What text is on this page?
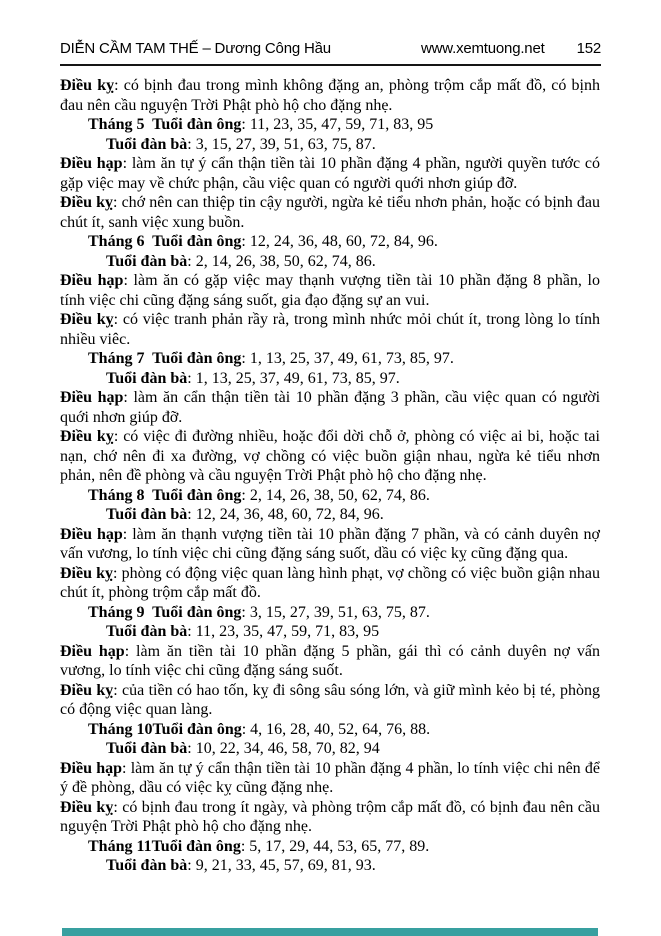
DIỄN CẦM TAM THẾ – Dương Công Hầu	www.xemtuong.net 152

Điều kỵ: có bịnh đau trong mình không đặng an, phòng trộm cắp mất đồ, có bịnh đau nên cầu nguyện Trời Phật phò hộ cho đặng nhẹ.

Tháng 5  Tuổi đàn ông: 11, 23, 35, 47, 59, 71, 83, 95

Tuổi đàn bà: 3, 15, 27, 39, 51, 63, 75, 87.

Điều hạp: làm ăn tự ý cẩn thận tiền tài 10 phần đặng 4 phần, người quyền tước có gặp việc may về chức phận, cầu việc quan có người quới nhơn giúp đỡ.

Điều kỵ: chớ nên can thiệp tin cậy người, ngừa kẻ tiểu nhơn phản, hoặc có bịnh đau chút ít, sanh việc xung buồn.

Tháng 6  Tuổi đàn ông: 12, 24, 36, 48, 60, 72, 84, 96.

Tuổi đàn bà: 2, 14, 26, 38, 50, 62, 74, 86.

Điều hạp: làm ăn có gặp việc may thạnh vượng tiền tài 10 phần đặng 8 phần, lo tính việc chi cũng đặng sáng suốt, gia đạo đặng sự an vui.

Điều kỵ: có việc tranh phản rầy rà, trong mình nhức mỏi chút ít, trong lòng lo tính nhiều viêc.

Tháng 7  Tuổi đàn ông: 1, 13, 25, 37, 49, 61, 73, 85, 97.

Tuổi đàn bà: 1, 13, 25, 37, 49, 61, 73, 85, 97.

Điều hạp: làm ăn cẩn thận tiền tài 10 phần đặng 3 phần, cầu việc quan có người quới nhơn giúp đỡ.

Điều kỵ: có việc đi đường nhiều, hoặc đổi dời chỗ ở, phòng có việc ai bi, hoặc tai nạn, chớ nên đi xa đường, vợ chồng có việc buồn giận nhau, ngừa kẻ tiểu nhơn phản, nên đề phòng và cầu nguyện Trời Phật phò hộ cho đặng nhẹ.

Tháng 8  Tuổi đàn ông: 2, 14, 26, 38, 50, 62, 74, 86.

Tuổi đàn bà: 12, 24, 36, 48, 60, 72, 84, 96.

Điều hạp: làm ăn thạnh vượng tiền tài 10 phần đặng 7 phần, và có cảnh duyên nợ vấn vương, lo tính việc chi cũng đặng sáng suốt, dầu có việc kỵ cũng đặng qua.

Điều kỵ: phòng có động việc quan làng hình phạt, vợ chồng có việc buồn giận nhau chút ít, phòng trộm cắp mất đồ.

Tháng 9  Tuổi đàn ông: 3, 15, 27, 39, 51, 63, 75, 87.

Tuổi đàn bà: 11, 23, 35, 47, 59, 71, 83, 95

Điều hạp: làm ăn tiền tài 10 phần đặng 5 phần, gái thì có cảnh duyên nợ vấn vương, lo tính việc chi cũng đặng sáng suốt.

Điều kỵ: của tiền có hao tốn, kỵ đi sông sâu sóng lớn, và giữ mình kẻo bị té, phòng có động việc quan làng.

Tháng 10Tuổi đàn ông: 4, 16, 28, 40, 52, 64, 76, 88.

Tuổi đàn bà: 10, 22, 34, 46, 58, 70, 82, 94

Điều hạp: làm ăn tự ý cẩn thận tiền tài 10 phần đặng 4 phần, lo tính việc chi nên để ý đề phòng, dầu có việc kỵ cũng đặng nhẹ.

Điều kỵ: có bịnh đau trong ít ngày, và phòng trộm cắp mất đồ, có bịnh đau nên cầu nguyện Trời Phật phò hộ cho đặng nhẹ.

Tháng 11Tuổi đàn ông: 5, 17, 29, 44, 53, 65, 77, 89.

Tuổi đàn bà: 9, 21, 33, 45, 57, 69, 81, 93.
